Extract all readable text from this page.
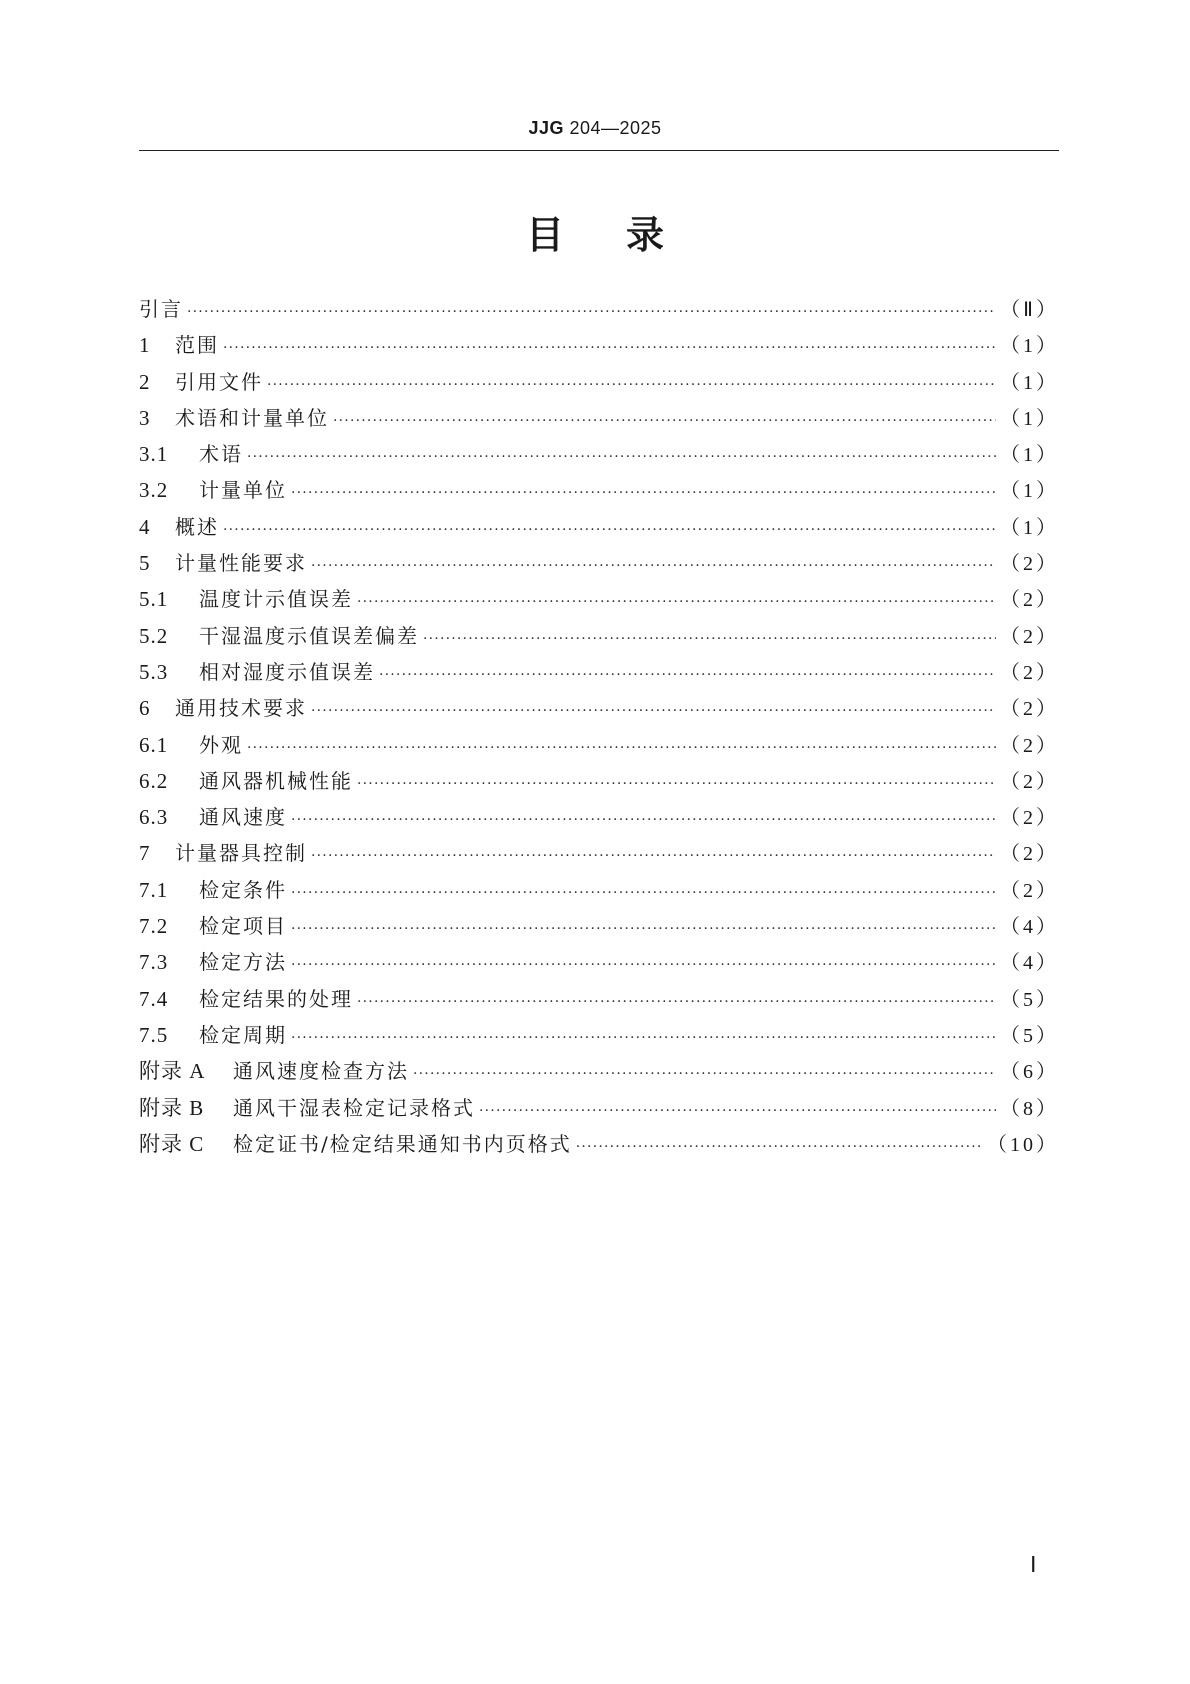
JJG 204—2025
目录
引言 ·····	（Ⅱ）
1	范围 ·····	（1）
2	引用文件 ·····	（1）
3	术语和计量单位 ·····	（1）
3.1	术语 ·····	（1）
3.2	计量单位 ·····	（1）
4	概述 ·····	（1）
5	计量性能要求 ·····	（2）
5.1	温度计示值误差 ·····	（2）
5.2	干湿温度示值误差偏差 ·····	（2）
5.3	相对湿度示值误差 ·····	（2）
6	通用技术要求 ·····	（2）
6.1	外观 ·····	（2）
6.2	通风器机械性能 ·····	（2）
6.3	通风速度 ·····	（2）
7	计量器具控制 ·····	（2）
7.1	检定条件 ·····	（2）
7.2	检定项目 ·····	（4）
7.3	检定方法 ·····	（4）
7.4	检定结果的处理 ·····	（5）
7.5	检定周期 ·····	（5）
附录 A	通风速度检查方法 ·····	（6）
附录 B	通风干湿表检定记录格式 ·····	（8）
附录 C	检定证书/检定结果通知书内页格式 ·····	（10）
Ⅰ
